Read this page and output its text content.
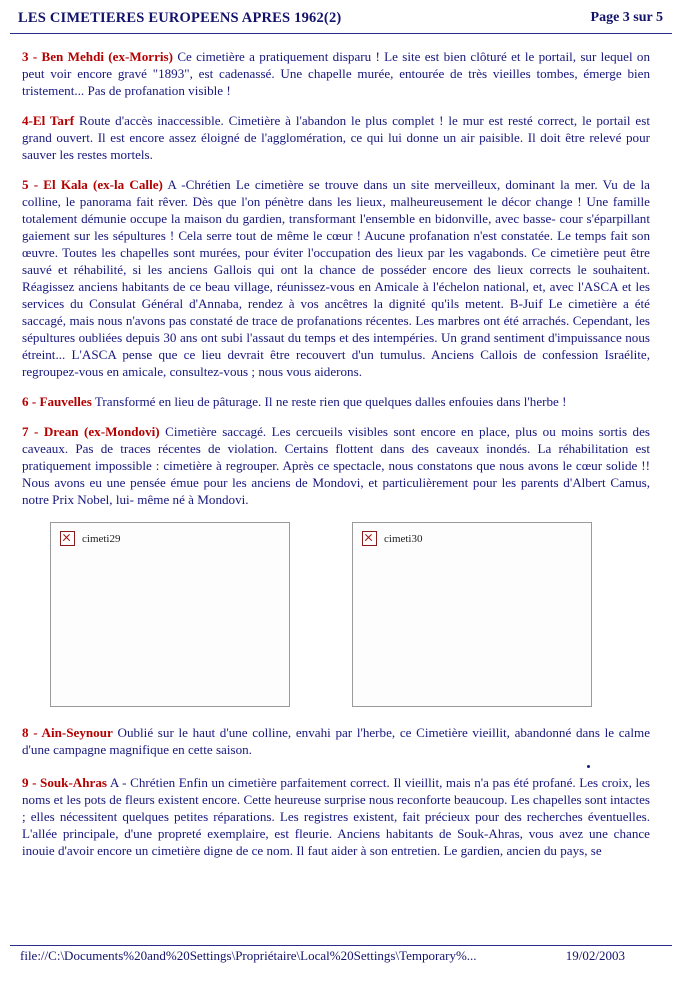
LES CIMETIERES EUROPEENS APRES 1962(2)	Page 3 sur 5

3 - Ben Mehdi (ex-Morris) Ce cimetière a pratiquement disparu ! Le site est bien clôturé et le portail, sur lequel on peut voir encore gravé "1893", est cadenassé. Une chapelle murée, entourée de très vieilles tombes, émerge bien tristement... Pas de profanation visible !

4-El Tarf Route d'accès inaccessible. Cimetière à l'abandon le plus complet ! le mur est resté correct, le portail est grand ouvert. Il est encore assez éloigné de l'agglomération, ce qui lui donne un air paisible. Il doit être relevé pour sauver les restes mortels.

5 - El Kala (ex-la Calle) A -Chrétien Le cimetière se trouve dans un site merveilleux, dominant la mer. Vu de la colline, le panorama fait rêver. Dès que l'on pénètre dans les lieux, malheureusement le décor change ! Une famille totalement démunie occupe la maison du gardien, transformant l'ensemble en bidonville, avec basse- cour s'éparpillant gaiement sur les sépultures ! Cela serre tout de même le cœur ! Aucune profanation n'est constatée. Le temps fait son œuvre. Toutes les chapelles sont murées, pour éviter l'occupation des lieux par les vagabonds. Ce cimetière peut être sauvé et réhabilité, si les anciens Gallois qui ont la chance de posséder encore des lieux corrects le souhaitent. Réagissez anciens habitants de ce beau village, réunissez-vous en Amicale à l'échelon national, et, avec l'ASCA et les services du Consulat Général d'Annaba, rendez à vos ancêtres la dignité qu'ils metent. B-Juif Le cimetière a été saccagé, mais nous n'avons pas constaté de trace de profanations récentes. Les marbres ont été arrachés. Cependant, les sépultures oubliées depuis 30 ans ont subi l'assaut du temps et des intempéries. Un grand sentiment d'impuissance nous étreint... L'ASCA pense que ce lieu devrait être recouvert d'un tumulus. Anciens Callois de confession Israélite, regroupez-vous en amicale, consultez-vous ; nous vous aiderons.

6 - Fauvelles Transformé en lieu de pâturage. Il ne reste rien que quelques dalles enfouies dans l'herbe !

7 - Drean (ex-Mondovi) Cimetière saccagé. Les cercueils visibles sont encore en place, plus ou moins sortis des caveaux. Pas de traces récentes de violation. Certains flottent dans des caveaux inondés. La réhabilitation est pratiquement impossible : cimetière à regrouper. Après ce spectacle, nous constatons que nous avons le cœur solide !! Nous avons eu une pensée émue pour les anciens de Mondovi, et particulièrement pour les parents d'Albert Camus, notre Prix Nobel, lui- même né à Mondovi.

cimeti29	cimeti30

8 - Ain-Seynour Oublié sur le haut d'une colline, envahi par l'herbe, ce Cimetière vieillit, abandonné dans le calme d'une campagne magnifique en cette saison.

9 - Souk-Ahras A - Chrétien Enfin un cimetière parfaitement correct. Il vieillit, mais n'a pas été profané. Les croix, les noms et les pots de fleurs existent encore. Cette heureuse surprise nous reconforte beaucoup. Les chapelles sont intactes ; elles nécessitent quelques petites réparations. Les registres existent, fait précieux pour des recherches éventuelles. L'allée principale, d'une propreté exemplaire, est fleurie. Anciens habitants de Souk-Ahras, vous avez une chance inouie d'avoir encore un cimetière digne de ce nom. Il faut aider à son entretien. Le gardien, ancien du pays, se

file://C:\Documents%20and%20Settings\Propriétaire\Local%20Settings\Temporary%...	19/02/2003
